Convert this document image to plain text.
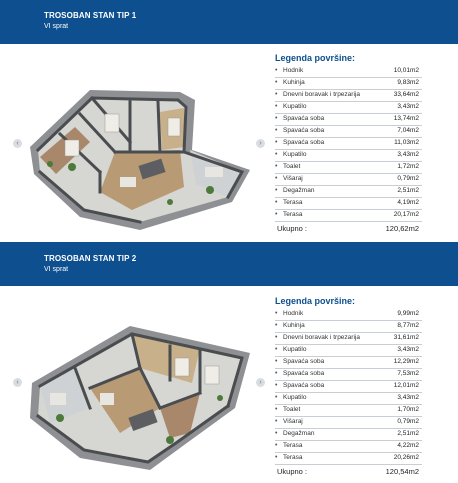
TROSOBAN STAN TIP 1
VI sprat
‹	›
Legenda površine:
• Hodnik	10,01m2
• Kuhinja	9,83m2
• Dnevni boravak i trpezarija	33,64m2
• Kupatilo	3,43m2
• Spavaća soba	13,74m2
• Spavaća soba	7,04m2
• Spavaća soba	11,03m2
• Kupatilo	3,43m2
• Toalet	1,72m2
• Višaraj	0,79m2
• Degažman	2,51m2
• Terasa	4,19m2
• Terasa	20,17m2
Ukupno :	120,62m2
TROSOBAN STAN TIP 2
VI sprat
‹	›
Legenda površine:
• Hodnik	9,99m2
• Kuhinja	8,77m2
• Dnevni boravak i trpezarija	31,61m2
• Kupatilo	3,43m2
• Spavaća soba	12,29m2
• Spavaća soba	7,53m2
• Spavaća soba	12,01m2
• Kupatilo	3,43m2
• Toalet	1,70m2
• Višaraj	0,79m2
• Degažman	2,51m2
• Terasa	4,22m2
• Terasa	20,26m2
Ukupno :	120,54m2
